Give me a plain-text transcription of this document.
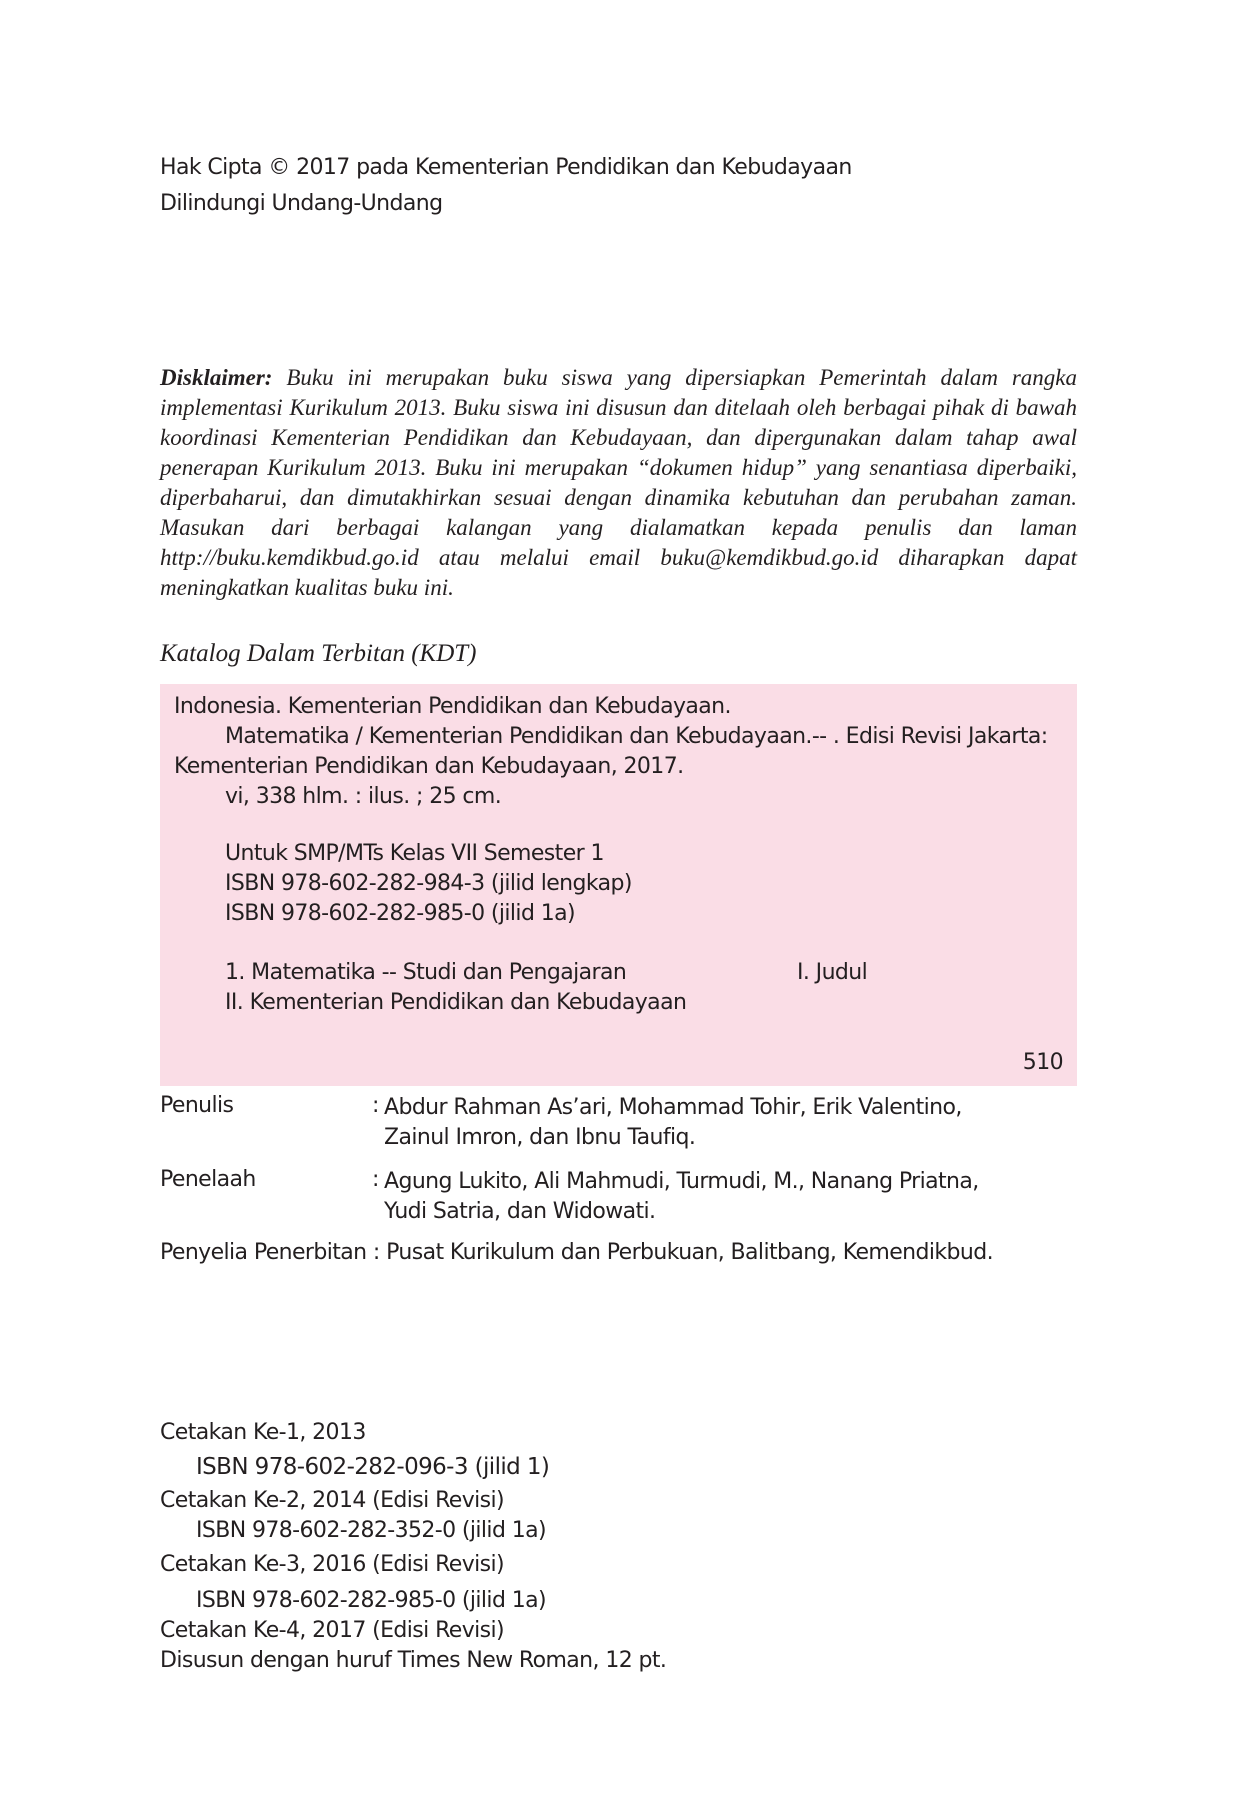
Hak Cipta © 2017 pada Kementerian Pendidikan dan Kebudayaan
Dilindungi Undang-Undang
Disklaimer: Buku ini merupakan buku siswa yang dipersiapkan Pemerintah dalam rangka implementasi Kurikulum 2013. Buku siswa ini disusun dan ditelaah oleh berbagai pihak di bawah koordinasi Kementerian Pendidikan dan Kebudayaan, dan dipergunakan dalam tahap awal penerapan Kurikulum 2013. Buku ini merupakan “dokumen hidup” yang senantiasa diperbaiki, diperbaharui, dan dimutakhirkan sesuai dengan dinamika kebutuhan dan perubahan zaman. Masukan dari berbagai kalangan yang dialamatkan kepada penulis dan laman http://buku.kemdikbud.go.id atau melalui email buku@kemdikbud.go.id diharapkan dapat meningkatkan kualitas buku ini.
Katalog Dalam Terbitan (KDT)
Indonesia. Kementerian Pendidikan dan Kebudayaan.
Matematika / Kementerian Pendidikan dan Kebudayaan.-- . Edisi Revisi Jakarta:
Kementerian Pendidikan dan Kebudayaan, 2017.
vi, 338 hlm. : ilus. ; 25 cm.
Untuk SMP/MTs Kelas VII Semester 1
ISBN 978-602-282-984-3 (jilid lengkap)
ISBN 978-602-282-985-0 (jilid 1a)
1. Matematika -- Studi dan Pengajaran	I. Judul
II. Kementerian Pendidikan dan Kebudayaan
510
Penulis	: Abdur Rahman As’ari, Mohammad Tohir, Erik Valentino,
Zainul Imron, dan Ibnu Taufiq.
Penelaah	: Agung Lukito, Ali Mahmudi, Turmudi, M., Nanang Priatna,
Yudi Satria, dan Widowati.
Penyelia Penerbitan : Pusat Kurikulum dan Perbukuan, Balitbang, Kemendikbud.
Cetakan Ke-1, 2013
ISBN 978-602-282-096-3 (jilid 1)
Cetakan Ke-2, 2014 (Edisi Revisi)
ISBN 978-602-282-352-0 (jilid 1a)
Cetakan Ke-3, 2016 (Edisi Revisi)
ISBN 978-602-282-985-0 (jilid 1a)
Cetakan Ke-4, 2017 (Edisi Revisi)
Disusun dengan huruf Times New Roman, 12 pt.
